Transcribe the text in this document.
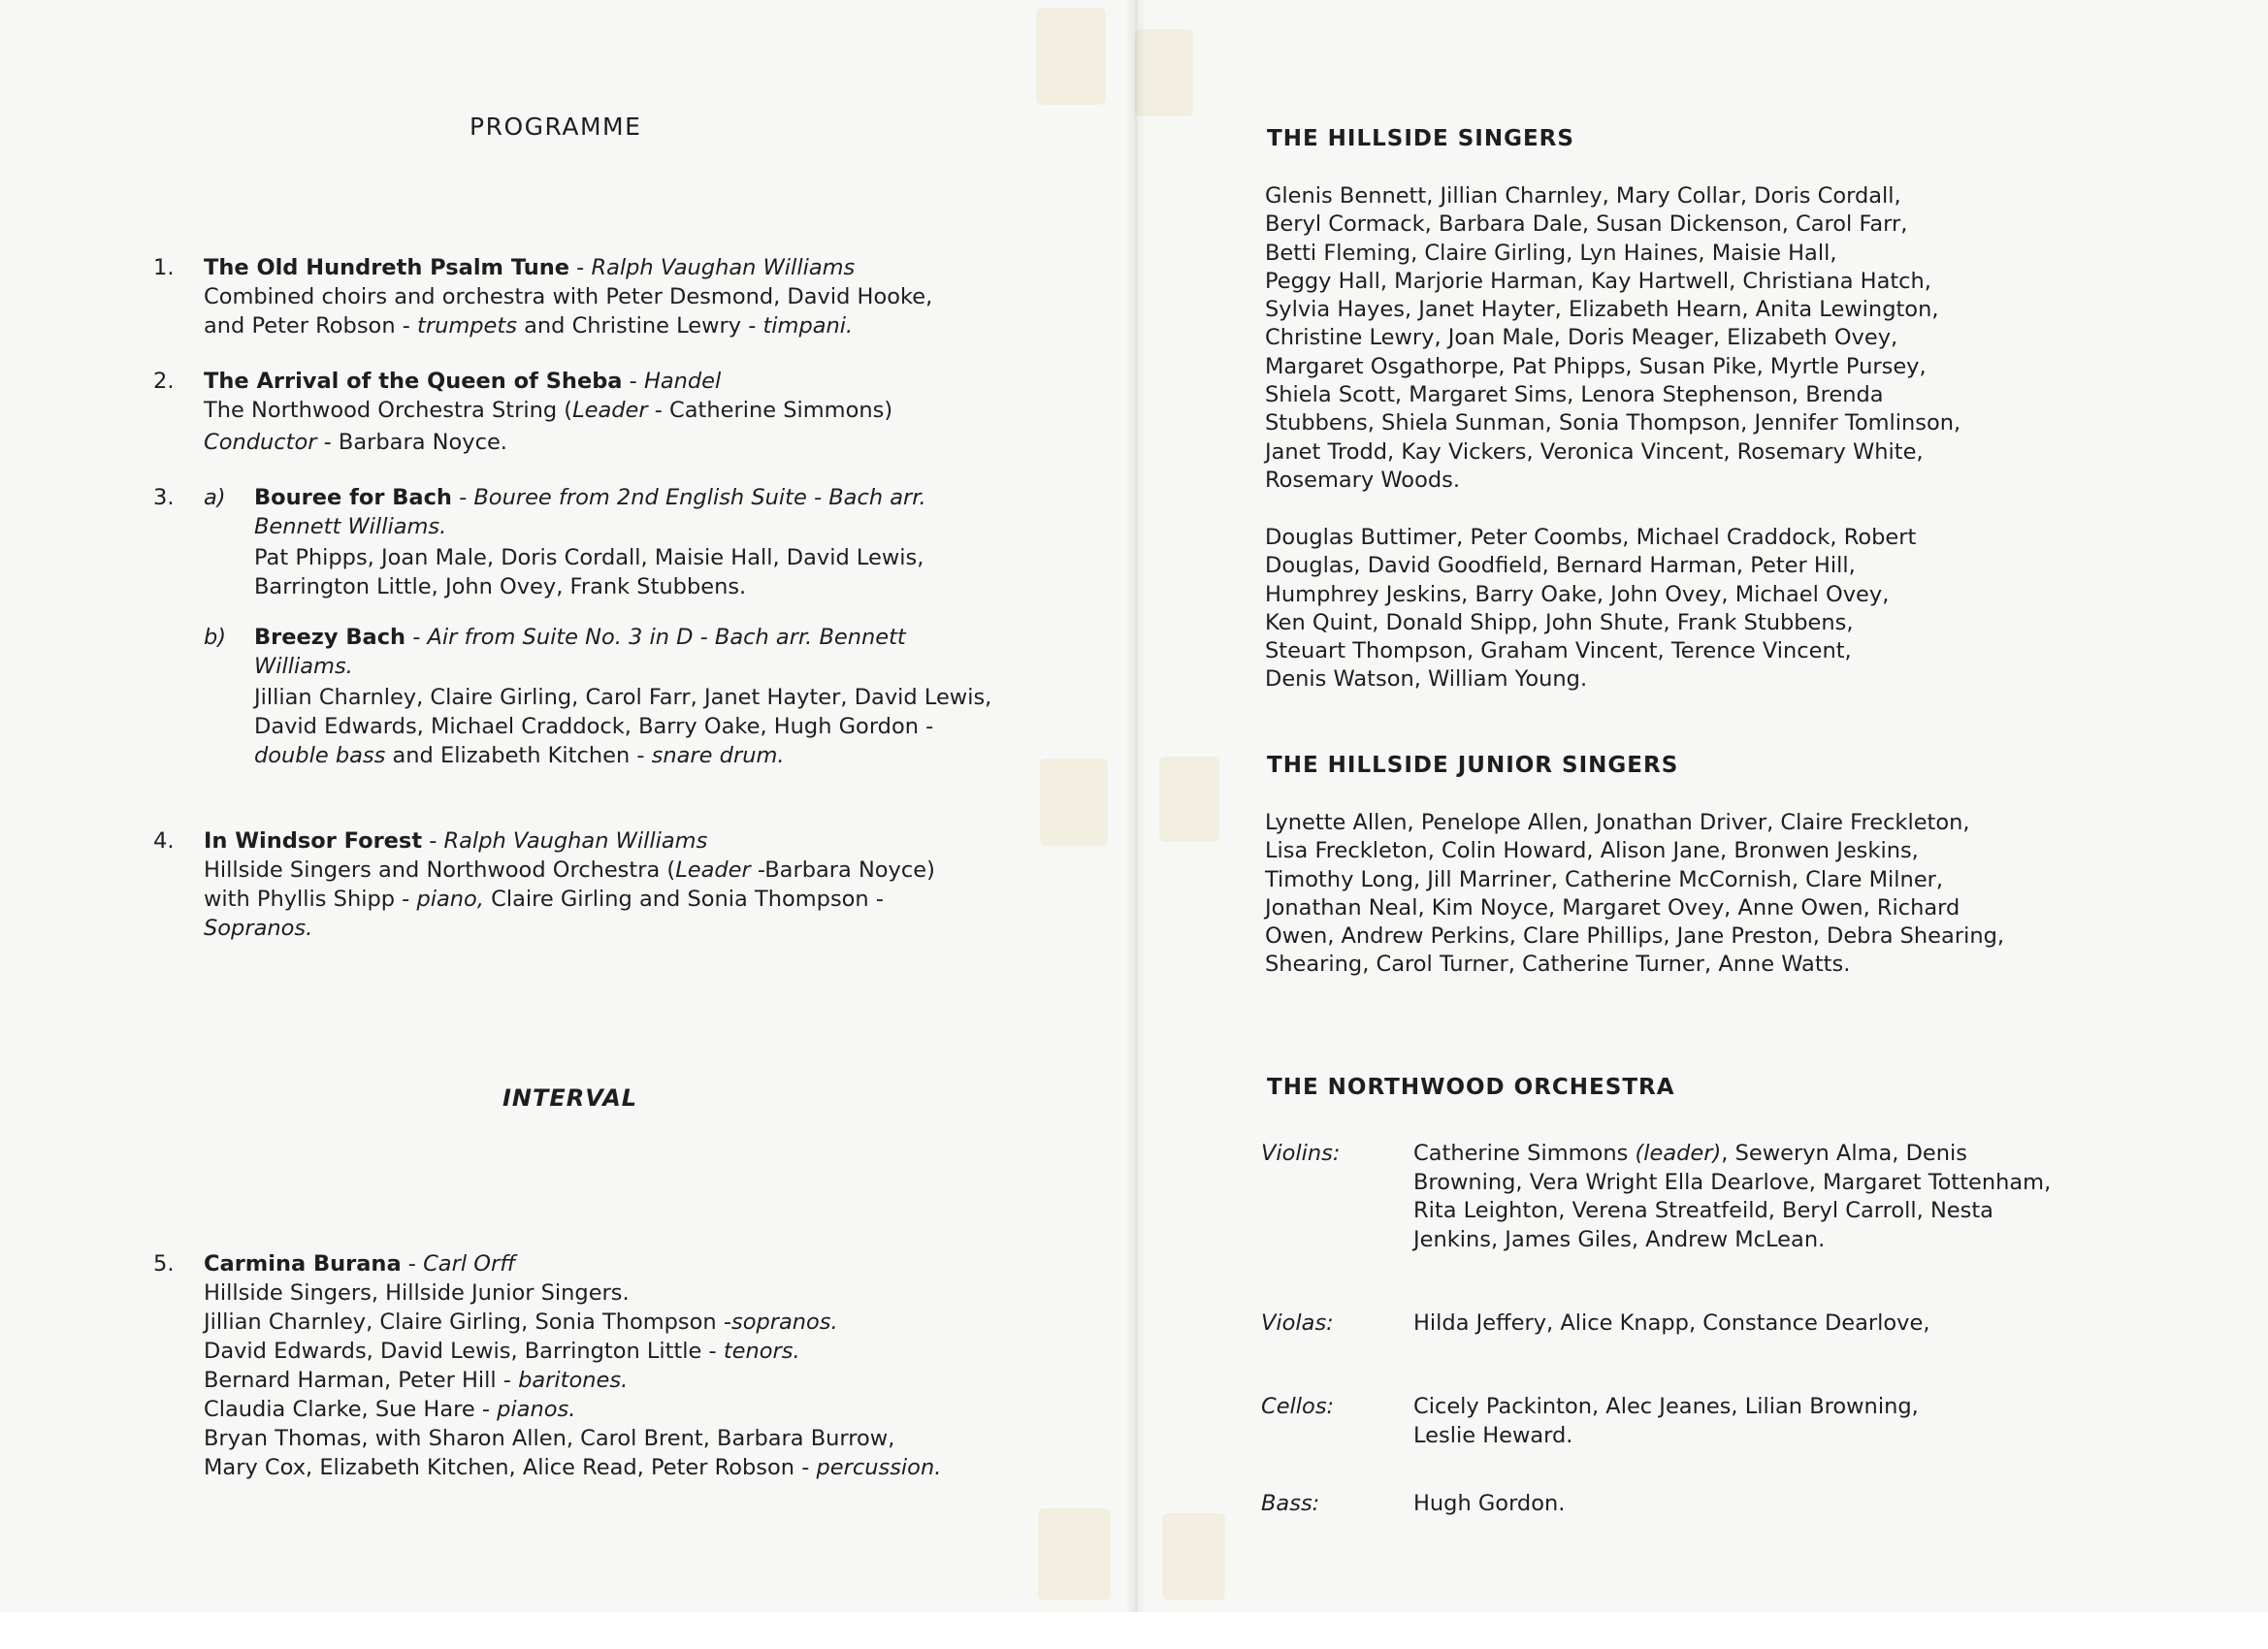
PROGRAMME
1. The Old Hundreth Psalm Tune - Ralph Vaughan Williams
Combined choirs and orchestra with Peter Desmond, David Hooke,
and Peter Robson - trumpets and Christine Lewry - timpani.
2. The Arrival of the Queen of Sheba - Handel
The Northwood Orchestra String (Leader - Catherine Simmons)
Conductor - Barbara Noyce.
3. a) Bouree for Bach - Bouree from 2nd English Suite - Bach arr. Bennett Williams.
Pat Phipps, Joan Male, Doris Cordall, Maisie Hall, David Lewis, Barrington Little, John Ovey, Frank Stubbens.
b) Breezy Bach - Air from Suite No. 3 in D - Bach arr. Bennett Williams.
Jillian Charnley, Claire Girling, Carol Farr, Janet Hayter, David Lewis, David Edwards, Michael Craddock, Barry Oake, Hugh Gordon - double bass and Elizabeth Kitchen - snare drum.
4. In Windsor Forest - Ralph Vaughan Williams
Hillside Singers and Northwood Orchestra (Leader -Barbara Noyce)
with Phyllis Shipp - piano, Claire Girling and Sonia Thompson -
Sopranos.
INTERVAL
5. Carmina Burana - Carl Orff
Hillside Singers, Hillside Junior Singers.
Jillian Charnley, Claire Girling, Sonia Thompson -sopranos.
David Edwards, David Lewis, Barrington Little - tenors.
Bernard Harman, Peter Hill - baritones.
Claudia Clarke, Sue Hare - pianos.
Bryan Thomas, with Sharon Allen, Carol Brent, Barbara Burrow,
Mary Cox, Elizabeth Kitchen, Alice Read, Peter Robson - percussion.
THE HILLSIDE SINGERS
Glenis Bennett, Jillian Charnley, Mary Collar, Doris Cordall,
Beryl Cormack, Barbara Dale, Susan Dickenson, Carol Farr,
Betti Fleming, Claire Girling, Lyn Haines, Maisie Hall,
Peggy Hall, Marjorie Harman, Kay Hartwell, Christiana Hatch,
Sylvia Hayes, Janet Hayter, Elizabeth Hearn, Anita Lewington,
Christine Lewry, Joan Male, Doris Meager, Elizabeth Ovey,
Margaret Osgathorpe, Pat Phipps, Susan Pike, Myrtle Pursey,
Shiela Scott, Margaret Sims, Lenora Stephenson, Brenda
Stubbens, Shiela Sunman, Sonia Thompson, Jennifer Tomlinson,
Janet Trodd, Kay Vickers, Veronica Vincent, Rosemary White,
Rosemary Woods.
Douglas Buttimer, Peter Coombs, Michael Craddock, Robert
Douglas, David Goodfield, Bernard Harman, Peter Hill,
Humphrey Jeskins, Barry Oake, John Ovey, Michael Ovey,
Ken Quint, Donald Shipp, John Shute, Frank Stubbens,
Steuart Thompson, Graham Vincent, Terence Vincent,
Denis Watson, William Young.
THE HILLSIDE JUNIOR SINGERS
Lynette Allen, Penelope Allen, Jonathan Driver, Claire Freckleton,
Lisa Freckleton, Colin Howard, Alison Jane, Bronwen Jeskins,
Timothy Long, Jill Marriner, Catherine McCornish, Clare Milner,
Jonathan Neal, Kim Noyce, Margaret Ovey, Anne Owen, Richard
Owen, Andrew Perkins, Clare Phillips, Jane Preston, Debra Shearing,
Shearing, Carol Turner, Catherine Turner, Anne Watts.
THE NORTHWOOD ORCHESTRA
Violins:	Catherine Simmons (leader), Seweryn Alma, Denis
Browning, Vera Wright Ella Dearlove, Margaret Tottenham,
Rita Leighton, Verena Streatfeild, Beryl Carroll, Nesta
Jenkins, James Giles, Andrew McLean.
Violas:	Hilda Jeffery, Alice Knapp, Constance Dearlove,
Cellos:	Cicely Packinton, Alec Jeanes, Lilian Browning,
Leslie Heward.
Bass:	Hugh Gordon.
